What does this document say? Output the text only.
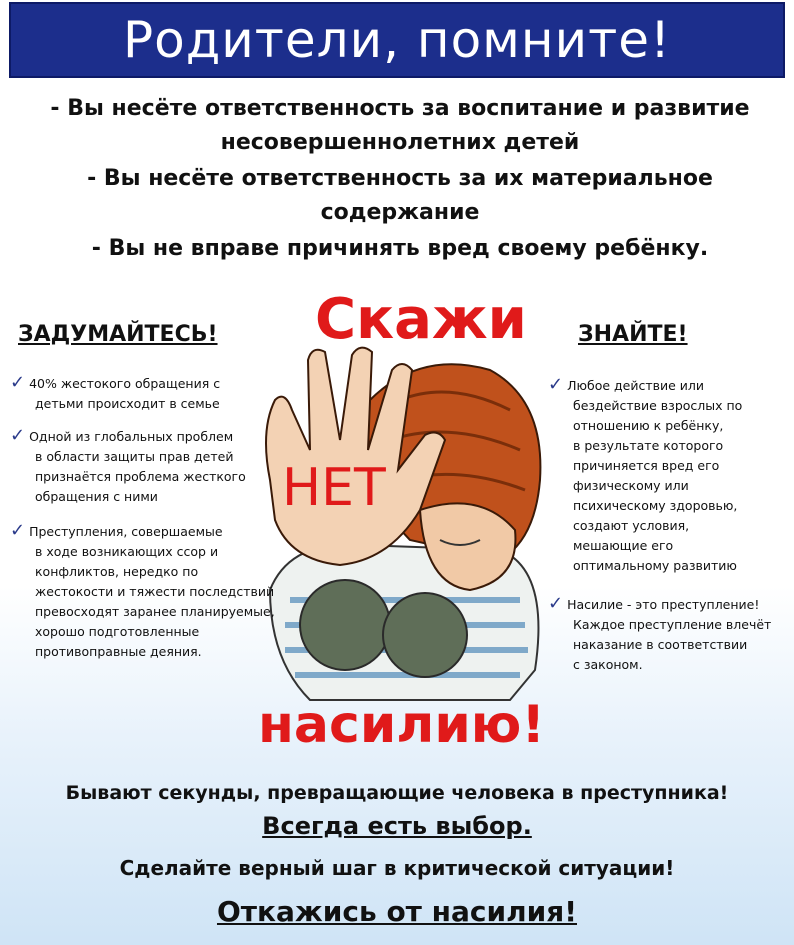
Родители, помните!
- Вы несёте ответственность за воспитание и развитие
несовершеннолетних детей
- Вы несёте ответственность за их материальное
содержание
- Вы не вправе причинять вред своему ребёнку.
Скажи
НЕТ
насилию!
ЗАДУМАЙТЕСЬ!
✓ 40% жестокого обращения с
детьми происходит в семье
✓ Одной из глобальных проблем
в области защиты прав детей
признаётся проблема жесткого
обращения с ними
✓ Преступления, совершаемые
в ходе возникающих ссор и
конфликтов, нередко по
жестокости и тяжести последствий
превосходят заранее планируемые,
хорошо подготовленные
противоправные деяния.
ЗНАЙТЕ!
✓ Любое действие или
бездействие взрослых по
отношению к ребёнку,
в результате которого
причиняется вред его
физическому или
психическому здоровью,
создают условия,
мешающие его
оптимальному развитию
✓ Насилие - это преступление!
Каждое преступление влечёт
наказание в соответствии
с законом.
Бывают секунды, превращающие человека в преступника!
Всегда есть выбор.
Сделайте верный шаг в критической ситуации!
Откажись от насилия!
